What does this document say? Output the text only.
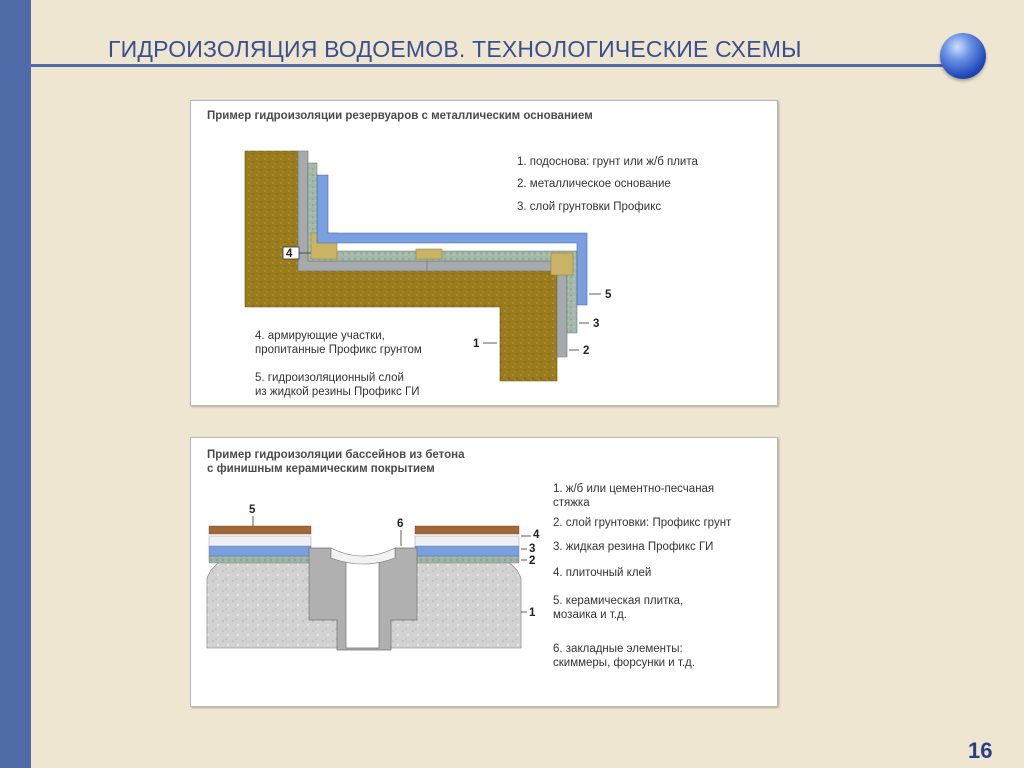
ГИДРОИЗОЛЯЦИЯ ВОДОЕМОВ. ТЕХНОЛОГИЧЕСКИЕ СХЕМЫ
Пример гидроизоляции резервуаров с металлическим основанием
4
5
3
1
2
1. подоснова: грунт или ж/б плита
2. металлическое основание
3. слой грунтовки Профикс
4. армирующие участки,
пропитанные Профикс грунтом
5. гидроизоляционный слой
из жидкой резины Профикс ГИ
Пример гидроизоляции бассейнов из бетона
с финишным керамическим покрытием
5
6
4
3
2
1
1. ж/б или цементно-песчаная
стяжка
2. слой грунтовки: Профикс грунт
3. жидкая резина Профикс ГИ
4. плиточный клей
5. керамическая плитка,
мозаика и т.д.
6. закладные элементы:
скиммеры, форсунки и т.д.
16
